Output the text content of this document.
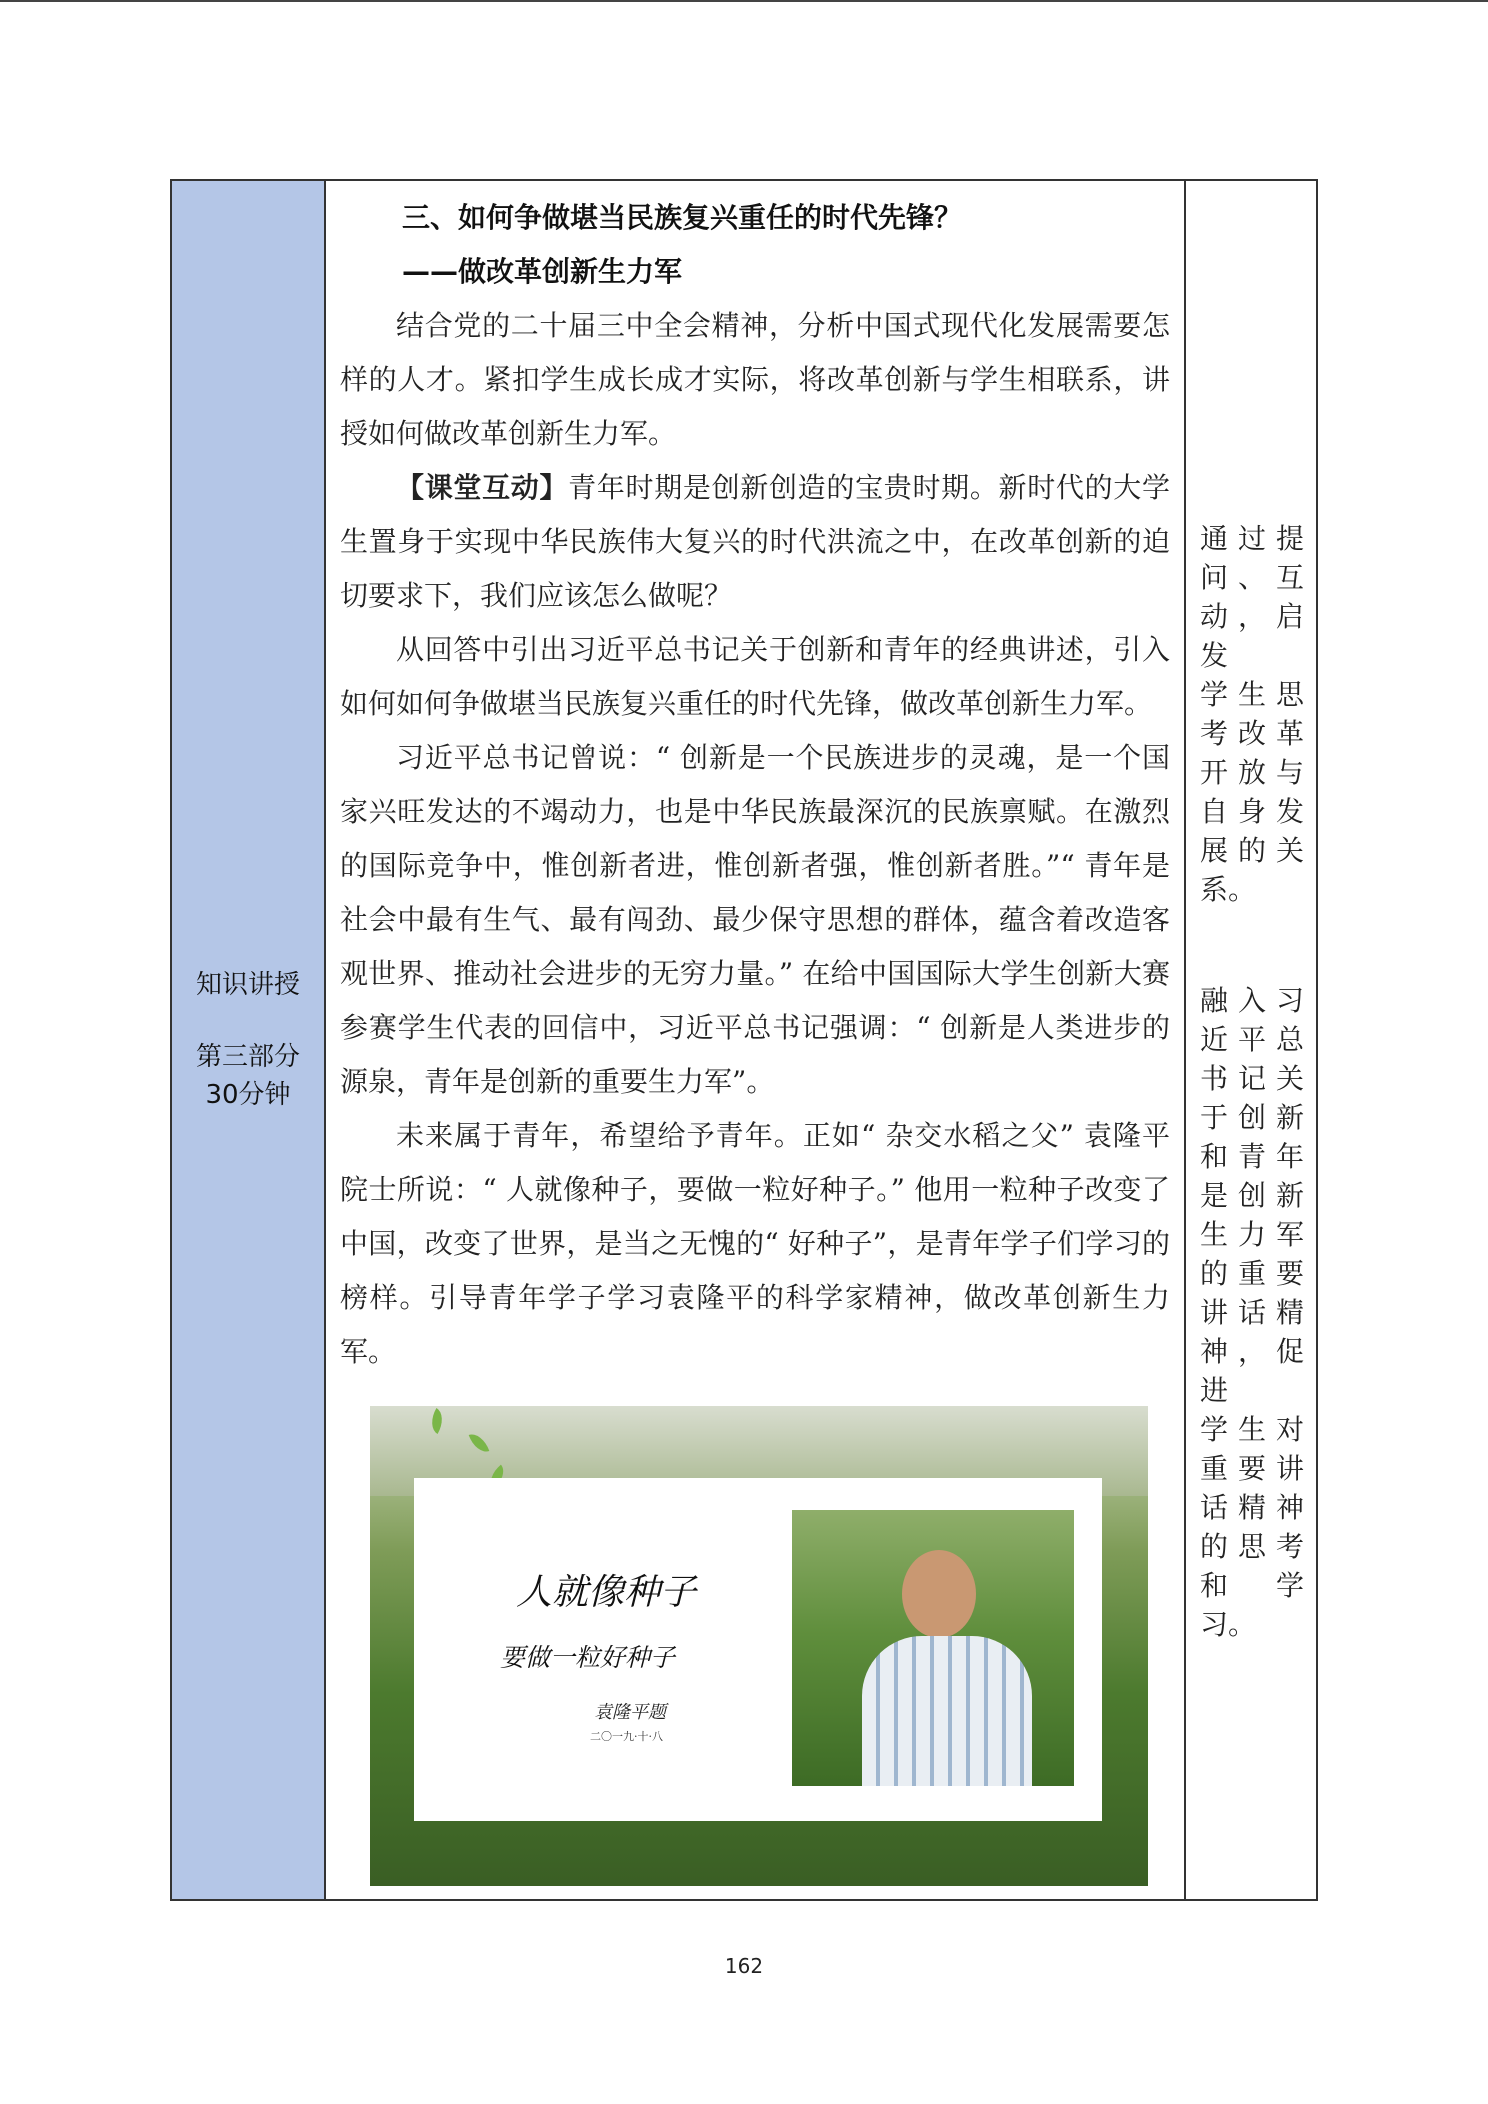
知识讲授
第三部分
30分钟

三、如何争做堪当民族复兴重任的时代先锋？

——做改革创新生力军

结合党的二十届三中全会精神，分析中国式现代化发展需要怎样的人才。紧扣学生成长成才实际，将改革创新与学生相联系，讲授如何做改革创新生力军。

【课堂互动】青年时期是创新创造的宝贵时期。新时代的大学生置身于实现中华民族伟大复兴的时代洪流之中，在改革创新的迫切要求下，我们应该怎么做呢？

从回答中引出习近平总书记关于创新和青年的经典讲述，引入如何如何争做堪当民族复兴重任的时代先锋，做改革创新生力军。

习近平总书记曾说：“ 创新是一个民族进步的灵魂，是一个国家兴旺发达的不竭动力，也是中华民族最深沉的民族禀赋。在激烈的国际竞争中，惟创新者进，惟创新者强，惟创新者胜。”“ 青年是社会中最有生气、最有闯劲、最少保守思想的群体，蕴含着改造客观世界、推动社会进步的无穷力量。” 在给中国国际大学生创新大赛参赛学生代表的回信中，习近平总书记强调：“ 创新是人类进步的源泉，青年是创新的重要生力军”。

未来属于青年，希望给予青年。正如“ 杂交水稻之父” 袁隆平院士所说：“ 人就像种子，要做一粒好种子。” 他用一粒种子改变了中国，改变了世界，是当之无愧的“ 好种子”，是青年学子们学习的榜样。引导青年学子学习袁隆平的科学家精神，做改革创新生力军。

人就像种子
要做一粒好种子
袁隆平题
二〇一九·十·八
通过提
问、互
动，启发
学生思
考改革
开放与
自身发
展的关
系。
融入习
近平总
书记关
于创新
和青年
是创新
生力军
的重要
讲话精
神，促进
学生对
重要讲
话精神
的思考
和学习。
162
